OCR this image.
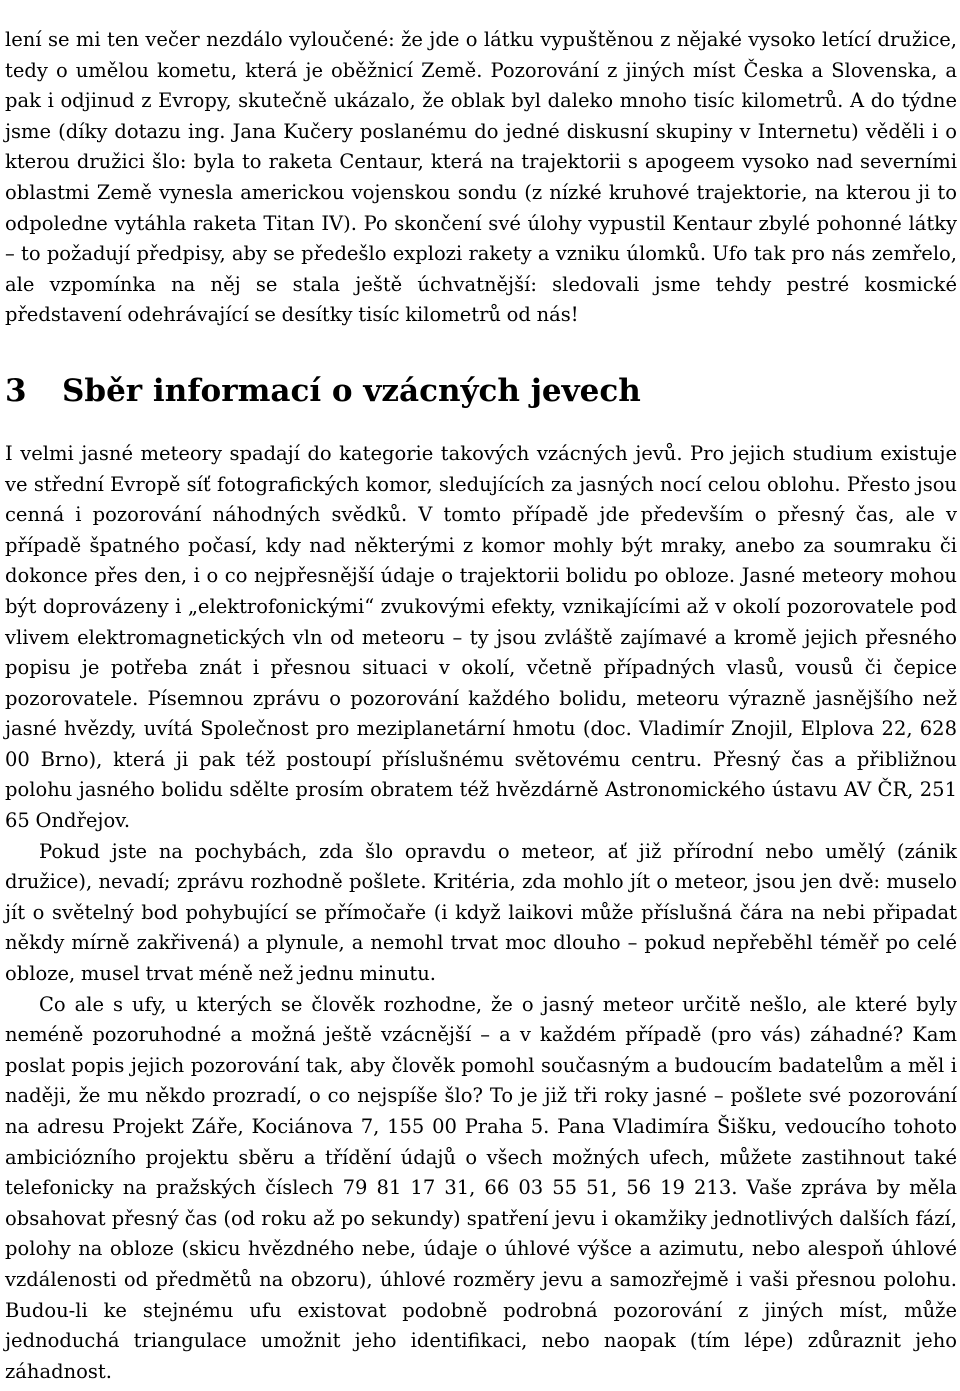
lení se mi ten večer nezdálo vyloučené: že jde o látku vypuštěnou z nějaké vysoko letící družice, tedy o umělou kometu, která je oběžnicí Země. Pozorování z jiných míst Česka a Slovenska, a pak i odjinud z Evropy, skutečně ukázalo, že oblak byl daleko mnoho tisíc kilometrů. A do týdne jsme (díky dotazu ing. Jana Kučery poslanému do jedné diskusní skupiny v Internetu) věděli i o kterou družici šlo: byla to raketa Centaur, která na trajektorii s apogeem vysoko nad severními oblastmi Země vynesla americkou vojenskou sondu (z nízké kruhové trajektorie, na kterou ji to odpoledne vytáhla raketa Titan IV). Po skončení své úlohy vypustil Kentaur zbylé pohonné látky – to požadují předpisy, aby se předešlo explozi rakety a vzniku úlomků. Ufo tak pro nás zemřelo, ale vzpomínka na něj se stala ještě úchvatnější: sledovali jsme tehdy pestré kosmické představení odehrávající se desítky tisíc kilometrů od nás!

3 Sběr informací o vzácných jevech

I velmi jasné meteory spadají do kategorie takových vzácných jevů. Pro jejich studium existuje ve střední Evropě síť fotografických komor, sledujících za jasných nocí celou oblohu. Přesto jsou cenná i pozorování náhodných svědků. V tomto případě jde především o přesný čas, ale v případě špatného počasí, kdy nad některými z komor mohly být mraky, anebo za soumraku či dokonce přes den, i o co nejpřesnější údaje o trajektorii bolidu po obloze. Jasné meteory mohou být doprovázeny i „elektrofonickými“ zvukovými efekty, vznikajícími až v okolí pozorovatele pod vlivem elektromagnetických vln od meteoru – ty jsou zvláště zajímavé a kromě jejich přesného popisu je potřeba znát i přesnou situaci v okolí, včetně případných vlasů, vousů či čepice pozorovatele. Písemnou zprávu o pozorování každého bolidu, meteoru výrazně jasnějšího než jasné hvězdy, uvítá Společnost pro meziplanetární hmotu (doc. Vladimír Znojil, Elplova 22, 628 00 Brno), která ji pak též postoupí příslušnému světovému centru. Přesný čas a přibližnou polohu jasného bolidu sdělte prosím obratem též hvězdárně Astronomického ústavu AV ČR, 251 65 Ondřejov.

Pokud jste na pochybách, zda šlo opravdu o meteor, ať již přírodní nebo umělý (zánik družice), nevadí; zprávu rozhodně pošlete. Kritéria, zda mohlo jít o meteor, jsou jen dvě: muselo jít o světelný bod pohybující se přímočaře (i když laikovi může příslušná čára na nebi připadat někdy mírně zakřivená) a plynule, a nemohl trvat moc dlouho – pokud nepřeběhl téměř po celé obloze, musel trvat méně než jednu minutu.

Co ale s ufy, u kterých se člověk rozhodne, že o jasný meteor určitě nešlo, ale které byly neméně pozoruhodné a možná ještě vzácnější – a v každém případě (pro vás) záhadné? Kam poslat popis jejich pozorování tak, aby člověk pomohl současným a budoucím badatelům a měl i naději, že mu někdo prozradí, o co nejspíše šlo? To je již tři roky jasné – pošlete své pozorování na adresu Projekt Záře, Kociánova 7, 155 00 Praha 5. Pana Vladimíra Šišku, vedoucího tohoto ambiciózního projektu sběru a třídění údajů o všech možných ufech, můžete zastihnout také telefonicky na pražských číslech 79 81 17 31, 66 03 55 51, 56 19 213. Vaše zpráva by měla obsahovat přesný čas (od roku až po sekundy) spatření jevu i okamžiky jednotlivých dalších fází, polohy na obloze (skicu hvězdného nebe, údaje o úhlové výšce a azimutu, nebo alespoň úhlové vzdálenosti od předmětů na obzoru), úhlové rozměry jevu a samozřejmě i vaši přesnou polohu. Budou-li ke stejnému ufu existovat podobně podrobná pozorování z jiných míst, může jednoduchá triangulace umožnit jeho identifikaci, nebo naopak (tím lépe) zdůraznit jeho záhadnost.
